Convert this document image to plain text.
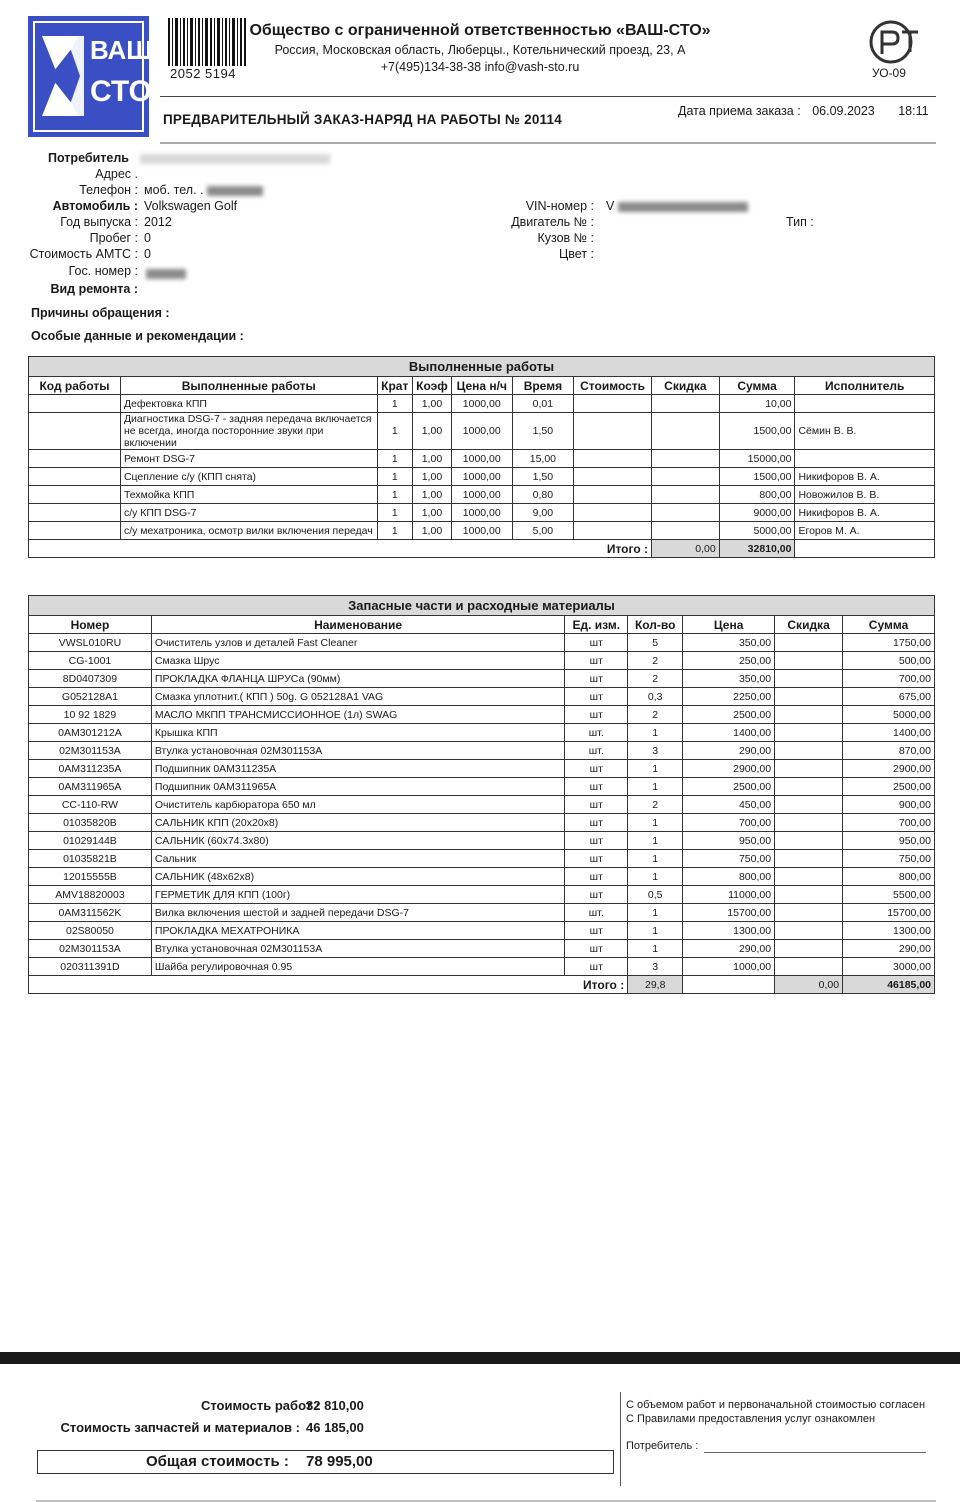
ВАШ
СТО
2052 5194
Общество с ограниченной ответственностью «ВАШ-СТО»
Россия, Московская область, Люберцы., Котельнический проезд, 23, А
+7(495)134-38-38 info@vash-sto.ru	УО-09
ПРЕДВАРИТЕЛЬНЫЙ ЗАКАЗ-НАРЯД НА РАБОТЫ № 20114
Дата приема заказа : 06.09.2023 18:11
Потребитель
Адрес .
Телефон : моб. тел. .
Автомобиль : Volkswagen Golf
Год выпуска : 2012
Пробег : 0
Стоимость АМТС : 0
Гос. номер :
Вид ремонта :
VIN-номер : V
Двигатель № :
Кузов № :
Цвет :
Тип :
Причины обращения :
Особые данные и рекомендации :
Выполненные работы									
Код работы	Выполненные работы	Крат	Коэф	Цена н/ч	Время	Стоимость	Скидка	Сумма	Исполнитель
	Дефектовка КПП	1	1,00	1000,00	0,01			10,00	
	Диагностика DSG-7 - задняя передача включается не всегда, иногда посторонние звуки при включении	1	1,00	1000,00	1,50			1500,00	Сёмин В. В.
	Ремонт DSG-7	1	1,00	1000,00	15,00			15000,00	
	Сцепление с/у (КПП снята)	1	1,00	1000,00	1,50			1500,00	Никифоров В. А.
	Техмойка КПП	1	1,00	1000,00	0,80			800,00	Новожилов В. В.
	с/у КПП DSG-7	1	1,00	1000,00	9,00			9000,00	Никифоров В. А.
	с/у мехатроника, осмотр вилки включения передач	1	1,00	1000,00	5,00			5000,00	Егоров М. А.
						Итого :	0,00	32810,00	
Запасные части и расходные материалы						
Номер	Наименование	Ед. изм.	Кол-во	Цена	Скидка	Сумма
VWSL010RU	Очиститель узлов и деталей Fast Cleaner	шт	5	350,00		1750,00
CG-1001	Смазка Шрус	шт	2	250,00		500,00
8D0407309	ПРОКЛАДКА ФЛАНЦА ШРУСа (90мм)	шт	2	350,00		700,00
G052128A1	Смазка уплотнит.( КПП ) 50g. G 052128A1 VAG	шт	0,3	2250,00		675,00
10 92 1829	МАСЛО МКПП ТРАНСМИССИОННОЕ (1л) SWAG	шт	2	2500,00		5000,00
0AM301212A	Крышка КПП	шт.	1	1400,00		1400,00
02M301153A	Втулка установочная 02M301153A	шт.	3	290,00		870,00
0AM311235A	Подшипник 0AM311235A	шт	1	2900,00		2900,00
0AM311965A	Подшипник 0AM311965A	шт	1	2500,00		2500,00
CC-110-RW	Очиститель карбюратора 650 мл	шт	2	450,00		900,00
01035820B	САЛЬНИК КПП (20x20x8)	шт	1	700,00		700,00
01029144B	САЛЬНИК (60x74.3x80)	шт	1	950,00		950,00
01035821B	Сальник	шт	1	750,00		750,00
12015555B	САЛЬНИК (48x62x8)	шт	1	800,00		800,00
AMV18820003	ГЕРМЕТИК ДЛЯ КПП (100г)	шт	0,5	11000,00		5500,00
0AM311562K	Вилка включения шестой и задней передачи DSG-7	шт.	1	15700,00		15700,00
02S80050	ПРОКЛАДКА МЕХАТРОНИКА	шт	1	1300,00		1300,00
02M301153A	Втулка установочная 02M301153A	шт	1	290,00		290,00
020311391D	Шайба регулировочная 0.95	шт	3	1000,00		3000,00
		Итого :	29,8		0,00	46185,00
Стоимость работ :
32 810,00
Стоимость запчастей и материалов : 46 185,00
Общая стоимость : 78 995,00
С объемом работ и первоначальной стоимостью согласен
С Правилами предоставления услуг ознакомлен
Потребитель :
